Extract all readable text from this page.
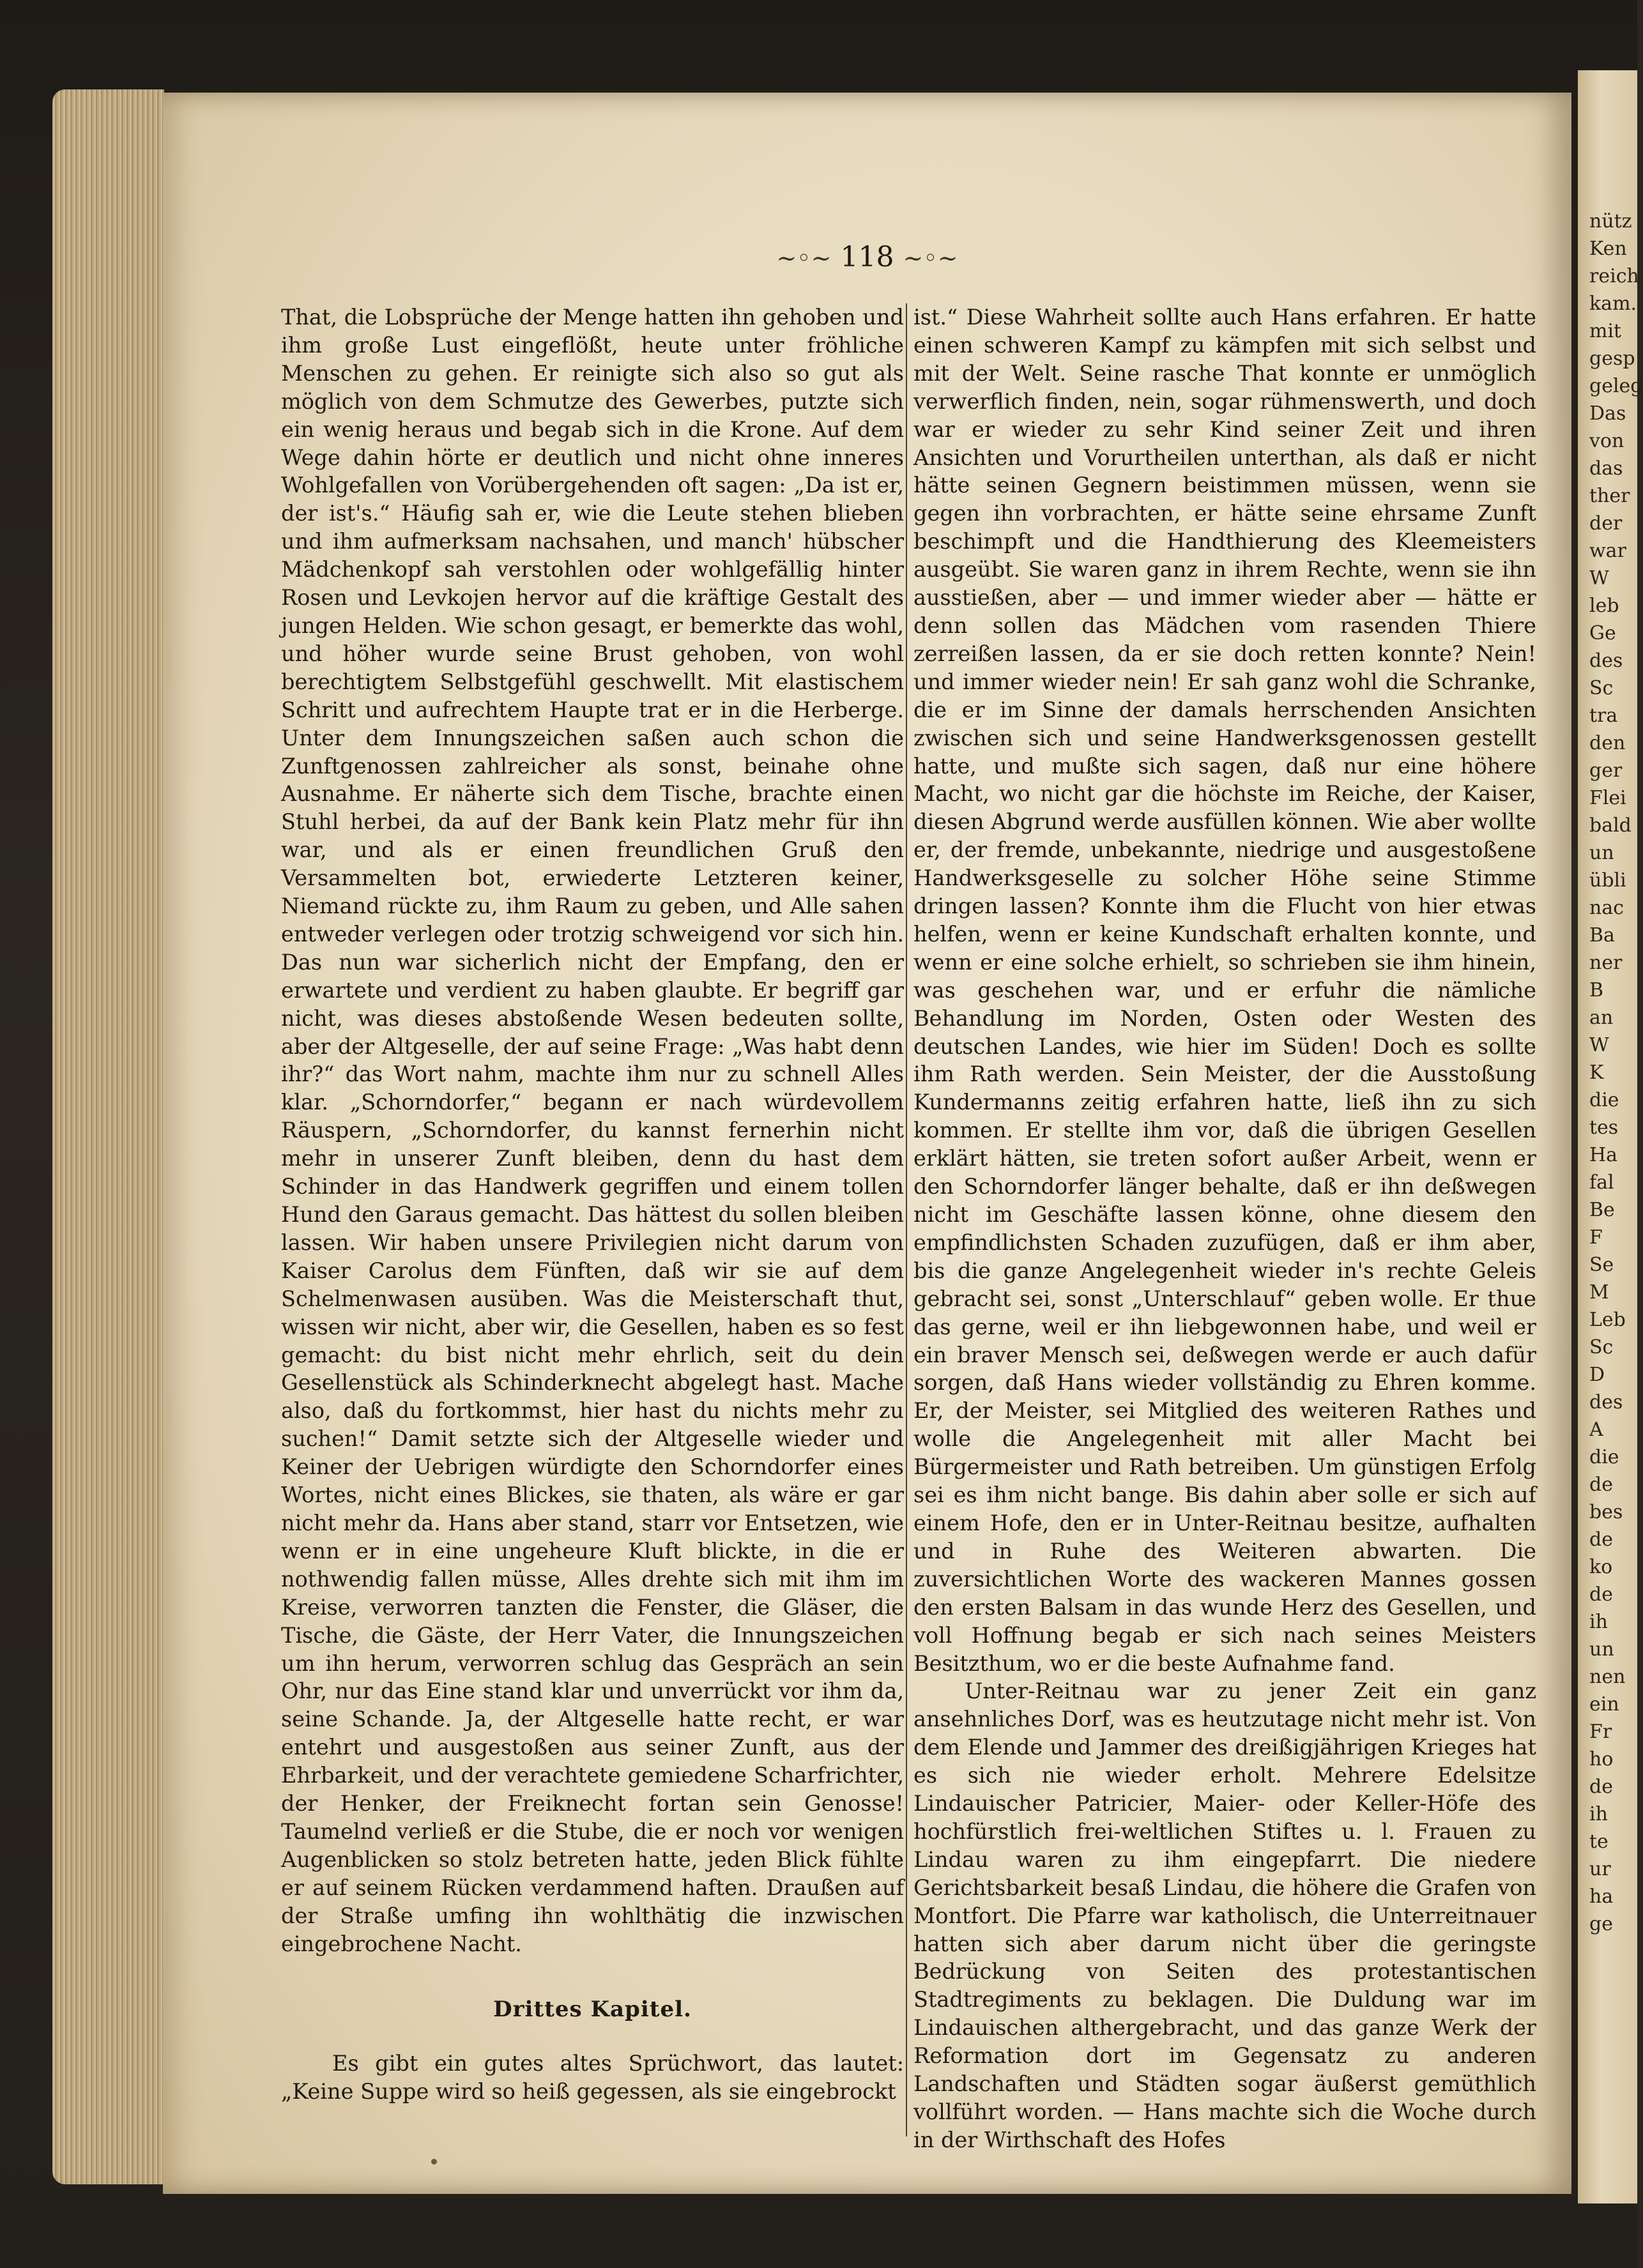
~◦~ 118 ~◦~

That, die Lobsprüche der Menge hatten ihn gehoben und ihm große Lust eingeflößt, heute unter fröhliche Menschen zu gehen. Er reinigte sich also so gut als möglich von dem Schmutze des Gewerbes, putzte sich ein wenig heraus und begab sich in die Krone. Auf dem Wege dahin hörte er deutlich und nicht ohne inneres Wohlgefallen von Vorübergehenden oft sagen: „Da ist er, der ist's.“ Häufig sah er, wie die Leute stehen blieben und ihm aufmerksam nachsahen, und manch' hübscher Mädchenkopf sah verstohlen oder wohlgefällig hinter Rosen und Levkojen hervor auf die kräftige Gestalt des jungen Helden. Wie schon gesagt, er bemerkte das wohl, und höher wurde seine Brust gehoben, von wohl berechtigtem Selbstgefühl geschwellt. Mit elastischem Schritt und aufrechtem Haupte trat er in die Herberge. Unter dem Innungszeichen saßen auch schon die Zunftgenossen zahlreicher als sonst, beinahe ohne Ausnahme. Er näherte sich dem Tische, brachte einen Stuhl herbei, da auf der Bank kein Platz mehr für ihn war, und als er einen freundlichen Gruß den Versammelten bot, erwiederte Letzteren keiner, Niemand rückte zu, ihm Raum zu geben, und Alle sahen entweder verlegen oder trotzig schweigend vor sich hin. Das nun war sicherlich nicht der Empfang, den er erwartete und verdient zu haben glaubte. Er begriff gar nicht, was dieses abstoßende Wesen bedeuten sollte, aber der Altgeselle, der auf seine Frage: „Was habt denn ihr?“ das Wort nahm, machte ihm nur zu schnell Alles klar. „Schorndorfer,“ begann er nach würdevollem Räuspern, „Schorndorfer, du kannst fernerhin nicht mehr in unserer Zunft bleiben, denn du hast dem Schinder in das Handwerk gegriffen und einem tollen Hund den Garaus gemacht. Das hättest du sollen bleiben lassen. Wir haben unsere Privilegien nicht darum von Kaiser Carolus dem Fünften, daß wir sie auf dem Schelmenwasen ausüben. Was die Meisterschaft thut, wissen wir nicht, aber wir, die Gesellen, haben es so fest gemacht: du bist nicht mehr ehrlich, seit du dein Gesellenstück als Schinderknecht abgelegt hast. Mache also, daß du fortkommst, hier hast du nichts mehr zu suchen!“ Damit setzte sich der Altgeselle wieder und Keiner der Uebrigen würdigte den Schorndorfer eines Wortes, nicht eines Blickes, sie thaten, als wäre er gar nicht mehr da. Hans aber stand, starr vor Entsetzen, wie wenn er in eine ungeheure Kluft blickte, in die er nothwendig fallen müsse, Alles drehte sich mit ihm im Kreise, verworren tanzten die Fenster, die Gläser, die Tische, die Gäste, der Herr Vater, die Innungszeichen um ihn herum, verworren schlug das Gespräch an sein Ohr, nur das Eine stand klar und unverrückt vor ihm da, seine Schande. Ja, der Altgeselle hatte recht, er war entehrt und ausgestoßen aus seiner Zunft, aus der Ehrbarkeit, und der verachtete gemiedene Scharfrichter, der Henker, der Freiknecht fortan sein Genosse! Taumelnd verließ er die Stube, die er noch vor wenigen Augenblicken so stolz betreten hatte, jeden Blick fühlte er auf seinem Rücken verdammend haften. Draußen auf der Straße umfing ihn wohlthätig die inzwischen eingebrochene Nacht.

Drittes Kapitel.

Es gibt ein gutes altes Sprüchwort, das lautet: „Keine Suppe wird so heiß gegessen, als sie eingebrockt

ist.“ Diese Wahrheit sollte auch Hans erfahren. Er hatte einen schweren Kampf zu kämpfen mit sich selbst und mit der Welt. Seine rasche That konnte er unmöglich verwerflich finden, nein, sogar rühmenswerth, und doch war er wieder zu sehr Kind seiner Zeit und ihren Ansichten und Vorurtheilen unterthan, als daß er nicht hätte seinen Gegnern beistimmen müssen, wenn sie gegen ihn vorbrachten, er hätte seine ehrsame Zunft beschimpft und die Handthierung des Kleemeisters ausgeübt. Sie waren ganz in ihrem Rechte, wenn sie ihn ausstießen, aber — und immer wieder aber — hätte er denn sollen das Mädchen vom rasenden Thiere zerreißen lassen, da er sie doch retten konnte? Nein! und immer wieder nein! Er sah ganz wohl die Schranke, die er im Sinne der damals herrschenden Ansichten zwischen sich und seine Handwerksgenossen gestellt hatte, und mußte sich sagen, daß nur eine höhere Macht, wo nicht gar die höchste im Reiche, der Kaiser, diesen Abgrund werde ausfüllen können. Wie aber wollte er, der fremde, unbekannte, niedrige und ausgestoßene Handwerksgeselle zu solcher Höhe seine Stimme dringen lassen? Konnte ihm die Flucht von hier etwas helfen, wenn er keine Kundschaft erhalten konnte, und wenn er eine solche erhielt, so schrieben sie ihm hinein, was geschehen war, und er erfuhr die nämliche Behandlung im Norden, Osten oder Westen des deutschen Landes, wie hier im Süden! Doch es sollte ihm Rath werden. Sein Meister, der die Ausstoßung Kundermanns zeitig erfahren hatte, ließ ihn zu sich kommen. Er stellte ihm vor, daß die übrigen Gesellen erklärt hätten, sie treten sofort außer Arbeit, wenn er den Schorndorfer länger behalte, daß er ihn deßwegen nicht im Geschäfte lassen könne, ohne diesem den empfindlichsten Schaden zuzufügen, daß er ihm aber, bis die ganze Angelegenheit wieder in's rechte Geleis gebracht sei, sonst „Unterschlauf“ geben wolle. Er thue das gerne, weil er ihn liebgewonnen habe, und weil er ein braver Mensch sei, deßwegen werde er auch dafür sorgen, daß Hans wieder vollständig zu Ehren komme. Er, der Meister, sei Mitglied des weiteren Rathes und wolle die Angelegenheit mit aller Macht bei Bürgermeister und Rath betreiben. Um günstigen Erfolg sei es ihm nicht bange. Bis dahin aber solle er sich auf einem Hofe, den er in Unter-Reitnau besitze, aufhalten und in Ruhe des Weiteren abwarten. Die zuversichtlichen Worte des wackeren Mannes gossen den ersten Balsam in das wunde Herz des Gesellen, und voll Hoffnung begab er sich nach seines Meisters Besitzthum, wo er die beste Aufnahme fand.

Unter-Reitnau war zu jener Zeit ein ganz ansehnliches Dorf, was es heutzutage nicht mehr ist. Von dem Elende und Jammer des dreißigjährigen Krieges hat es sich nie wieder erholt. Mehrere Edelsitze Lindauischer Patricier, Maier- oder Keller-Höfe des hochfürstlich frei-weltlichen Stiftes u. l. Frauen zu Lindau waren zu ihm eingepfarrt. Die niedere Gerichtsbarkeit besaß Lindau, die höhere die Grafen von Montfort. Die Pfarre war katholisch, die Unterreitnauer hatten sich aber darum nicht über die geringste Bedrückung von Seiten des protestantischen Stadtregiments zu beklagen. Die Duldung war im Lindauischen althergebracht, und das ganze Werk der Reformation dort im Gegensatz zu anderen Landschaften und Städten sogar äußerst gemüthlich vollführt worden. — Hans machte sich die Woche durch in der Wirthschaft des Hofes

nütz
Ken
reich
kam.
mit
gesp
geleg
Das
von
das
ther
der
war
W
leb
Ge
des
Sc
tra
den
ger
Flei
bald
un
übli
nac
Ba
ner
B
an
W
K
die
tes
Ha
fal
Be
F
Se
M
Leb
Sc
D
des
A
die
de
bes
de
ko
de
ih
un
nen
ein
Fr
ho
de
ih
te
ur
ha
ge
